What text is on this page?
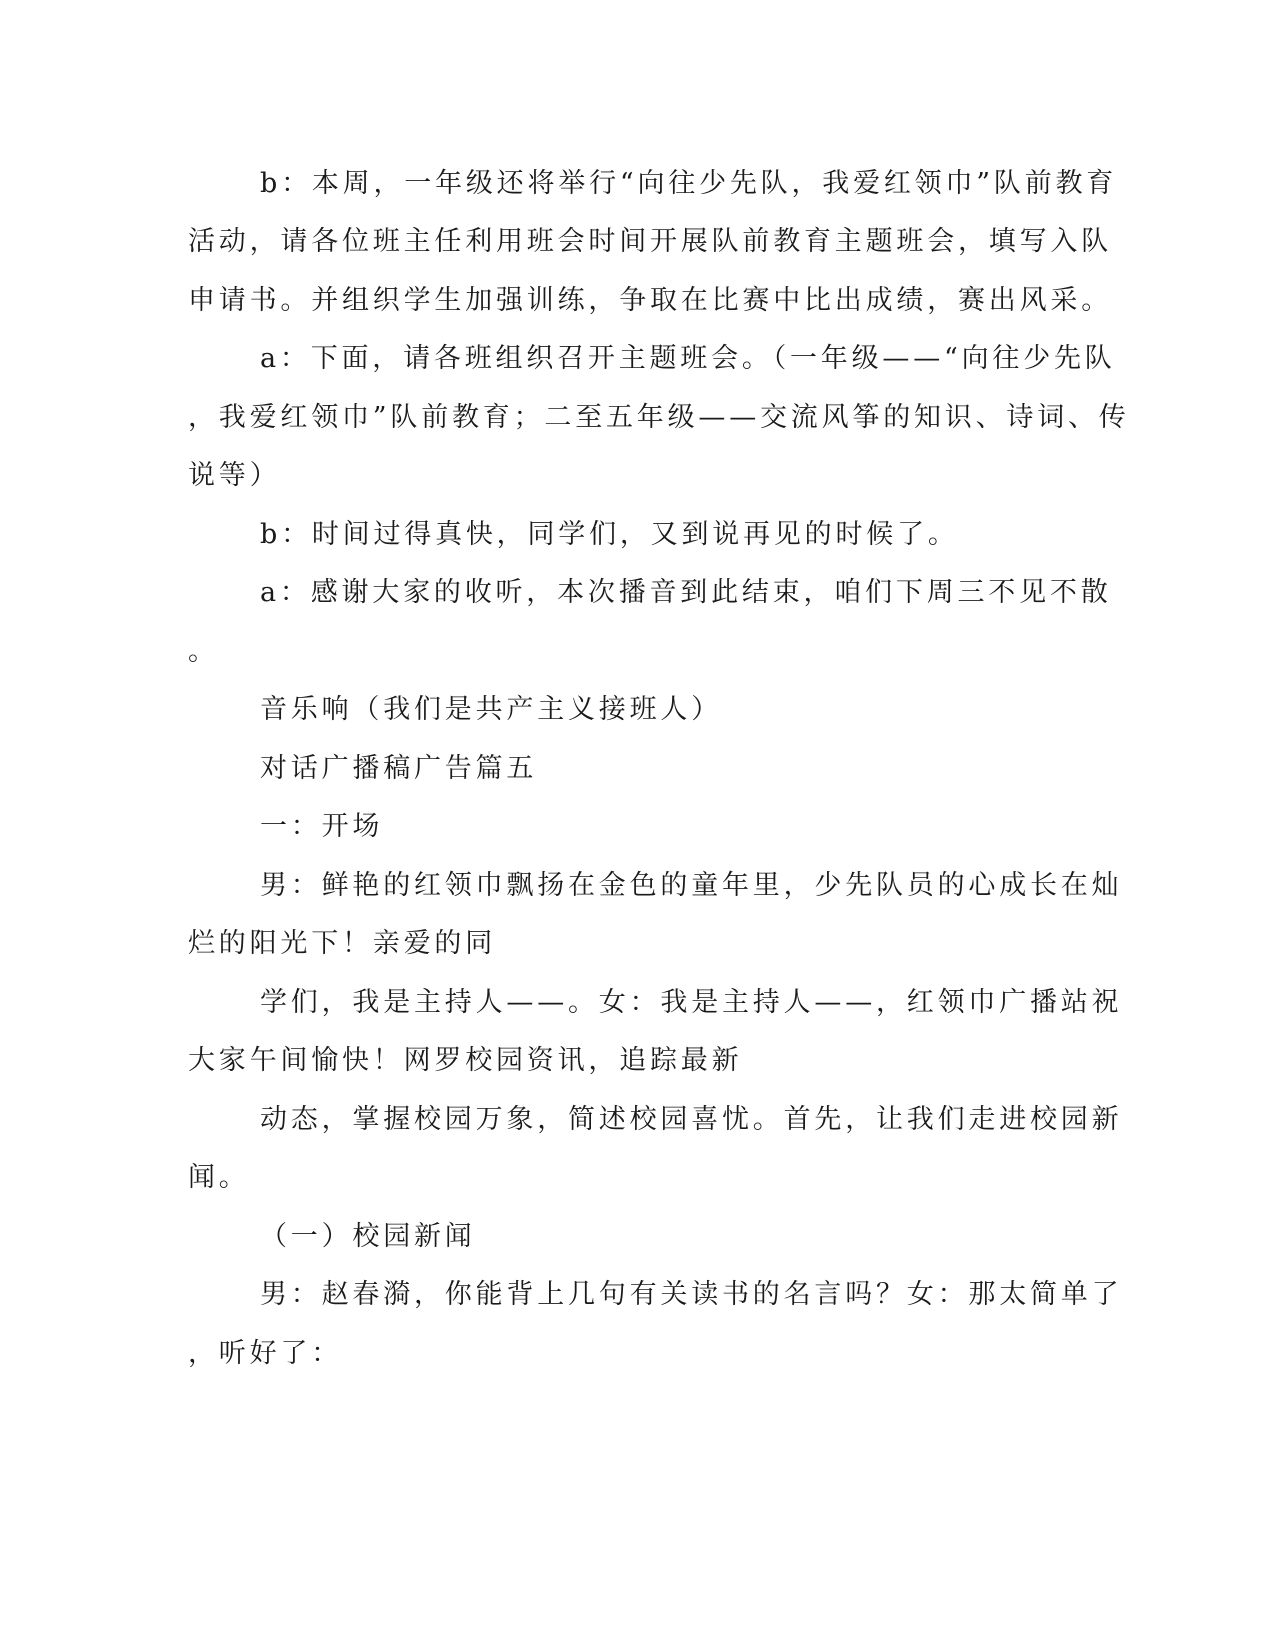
b：本周，一年级还将举行“向往少先队，我爱红领巾”队前教育
活动，请各位班主任利用班会时间开展队前教育主题班会，填写入队
申请书。并组织学生加强训练，争取在比赛中比出成绩，赛出风采。
a：下面，请各班组织召开主题班会。（一年级——“向往少先队
，我爱红领巾”队前教育；二至五年级——交流风筝的知识、诗词、传
说等）
b：时间过得真快，同学们，又到说再见的时候了。
a：感谢大家的收听，本次播音到此结束，咱们下周三不见不散
。
音乐响（我们是共产主义接班人）
对话广播稿广告篇五
一：开场
男：鲜艳的红领巾飘扬在金色的童年里，少先队员的心成长在灿
烂的阳光下！亲爱的同
学们，我是主持人——。女：我是主持人——，红领巾广播站祝
大家午间愉快！网罗校园资讯，追踪最新
动态，掌握校园万象，简述校园喜忧。首先，让我们走进校园新
闻。
（一）校园新闻
男：赵春漪，你能背上几句有关读书的名言吗？女：那太简单了
，听好了：
